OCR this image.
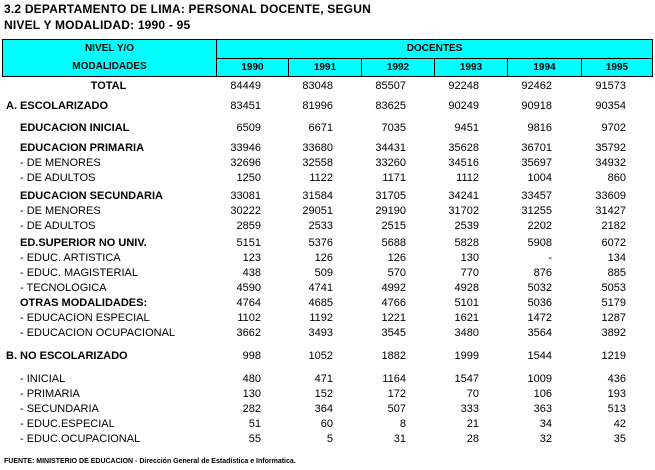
3.2 DEPARTAMENTO DE LIMA: PERSONAL DOCENTE, SEGUN
NIVEL Y MODALIDAD: 1990 - 95
NIVEL Y/O
MODALIDADES
DOCENTES
1990	1991	1992	1993	1994	1995
TOTAL	84449	83048	85507	92248	92462	91573
A. ESCOLARIZADO	83451	81996	83625	90249	90918	90354
EDUCACION INICIAL	6509	6671	7035	9451	9816	9702
EDUCACION PRIMARIA	33946	33680	34431	35628	36701	35792
- DE MENORES	32696	32558	33260	34516	35697	34932
- DE ADULTOS	1250	1122	1171	1112	1004	860
EDUCACION SECUNDARIA	33081	31584	31705	34241	33457	33609
- DE MENORES	30222	29051	29190	31702	31255	31427
- DE ADULTOS	2859	2533	2515	2539	2202	2182
ED.SUPERIOR NO UNIV.	5151	5376	5688	5828	5908	6072
- EDUC. ARTISTICA	123	126	126	130	-	134
- EDUC. MAGISTERIAL	438	509	570	770	876	885
- TECNOLOGICA	4590	4741	4992	4928	5032	5053
OTRAS MODALIDADES:	4764	4685	4766	5101	5036	5179
- EDUCACION ESPECIAL	1102	1192	1221	1621	1472	1287
- EDUCACION OCUPACIONAL	3662	3493	3545	3480	3564	3892
B. NO ESCOLARIZADO	998	1052	1882	1999	1544	1219
- INICIAL	480	471	1164	1547	1009	436
- PRIMARIA	130	152	172	70	106	193
- SECUNDARIA	282	364	507	333	363	513
- EDUC.ESPECIAL	51	60	8	21	34	42
- EDUC.OCUPACIONAL	55	5	31	28	32	35
FUENTE: MINISTERIO DE EDUCACION - Dirección General de Estadística e Informatica.
